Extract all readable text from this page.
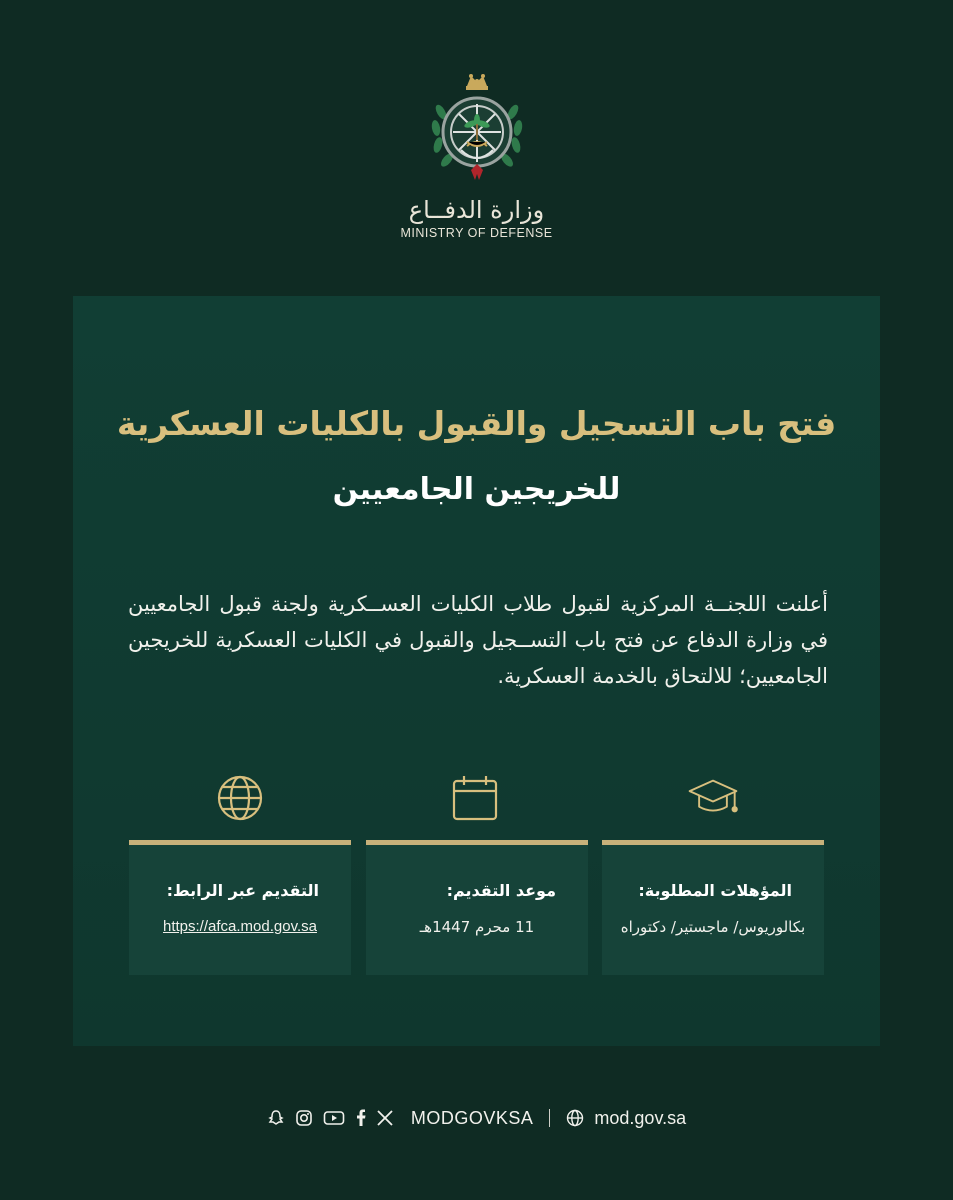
وزارة الدفــاع
MINISTRY OF DEFENSE
فتح باب التسجيل والقبول بالكليات العسكرية
للخريجين الجامعيين
أعلنت اللجنــة المركزية لقبول طلاب الكليات العســكرية ولجنة قبول الجامعيين في وزارة الدفاع عن فتح باب التســجيل والقبول في الكليات العسكرية للخريجين الجامعيين؛ للالتحاق بالخدمة العسكرية.
التقديم عبر الرابط:
https://afca.mod.gov.sa
موعد التقديم:
11 محرم 1447هـ
المؤهلات المطلوبة:
بكالوريوس/ ماجستير/ دكتوراه
MODGOVKSA	mod.gov.sa
